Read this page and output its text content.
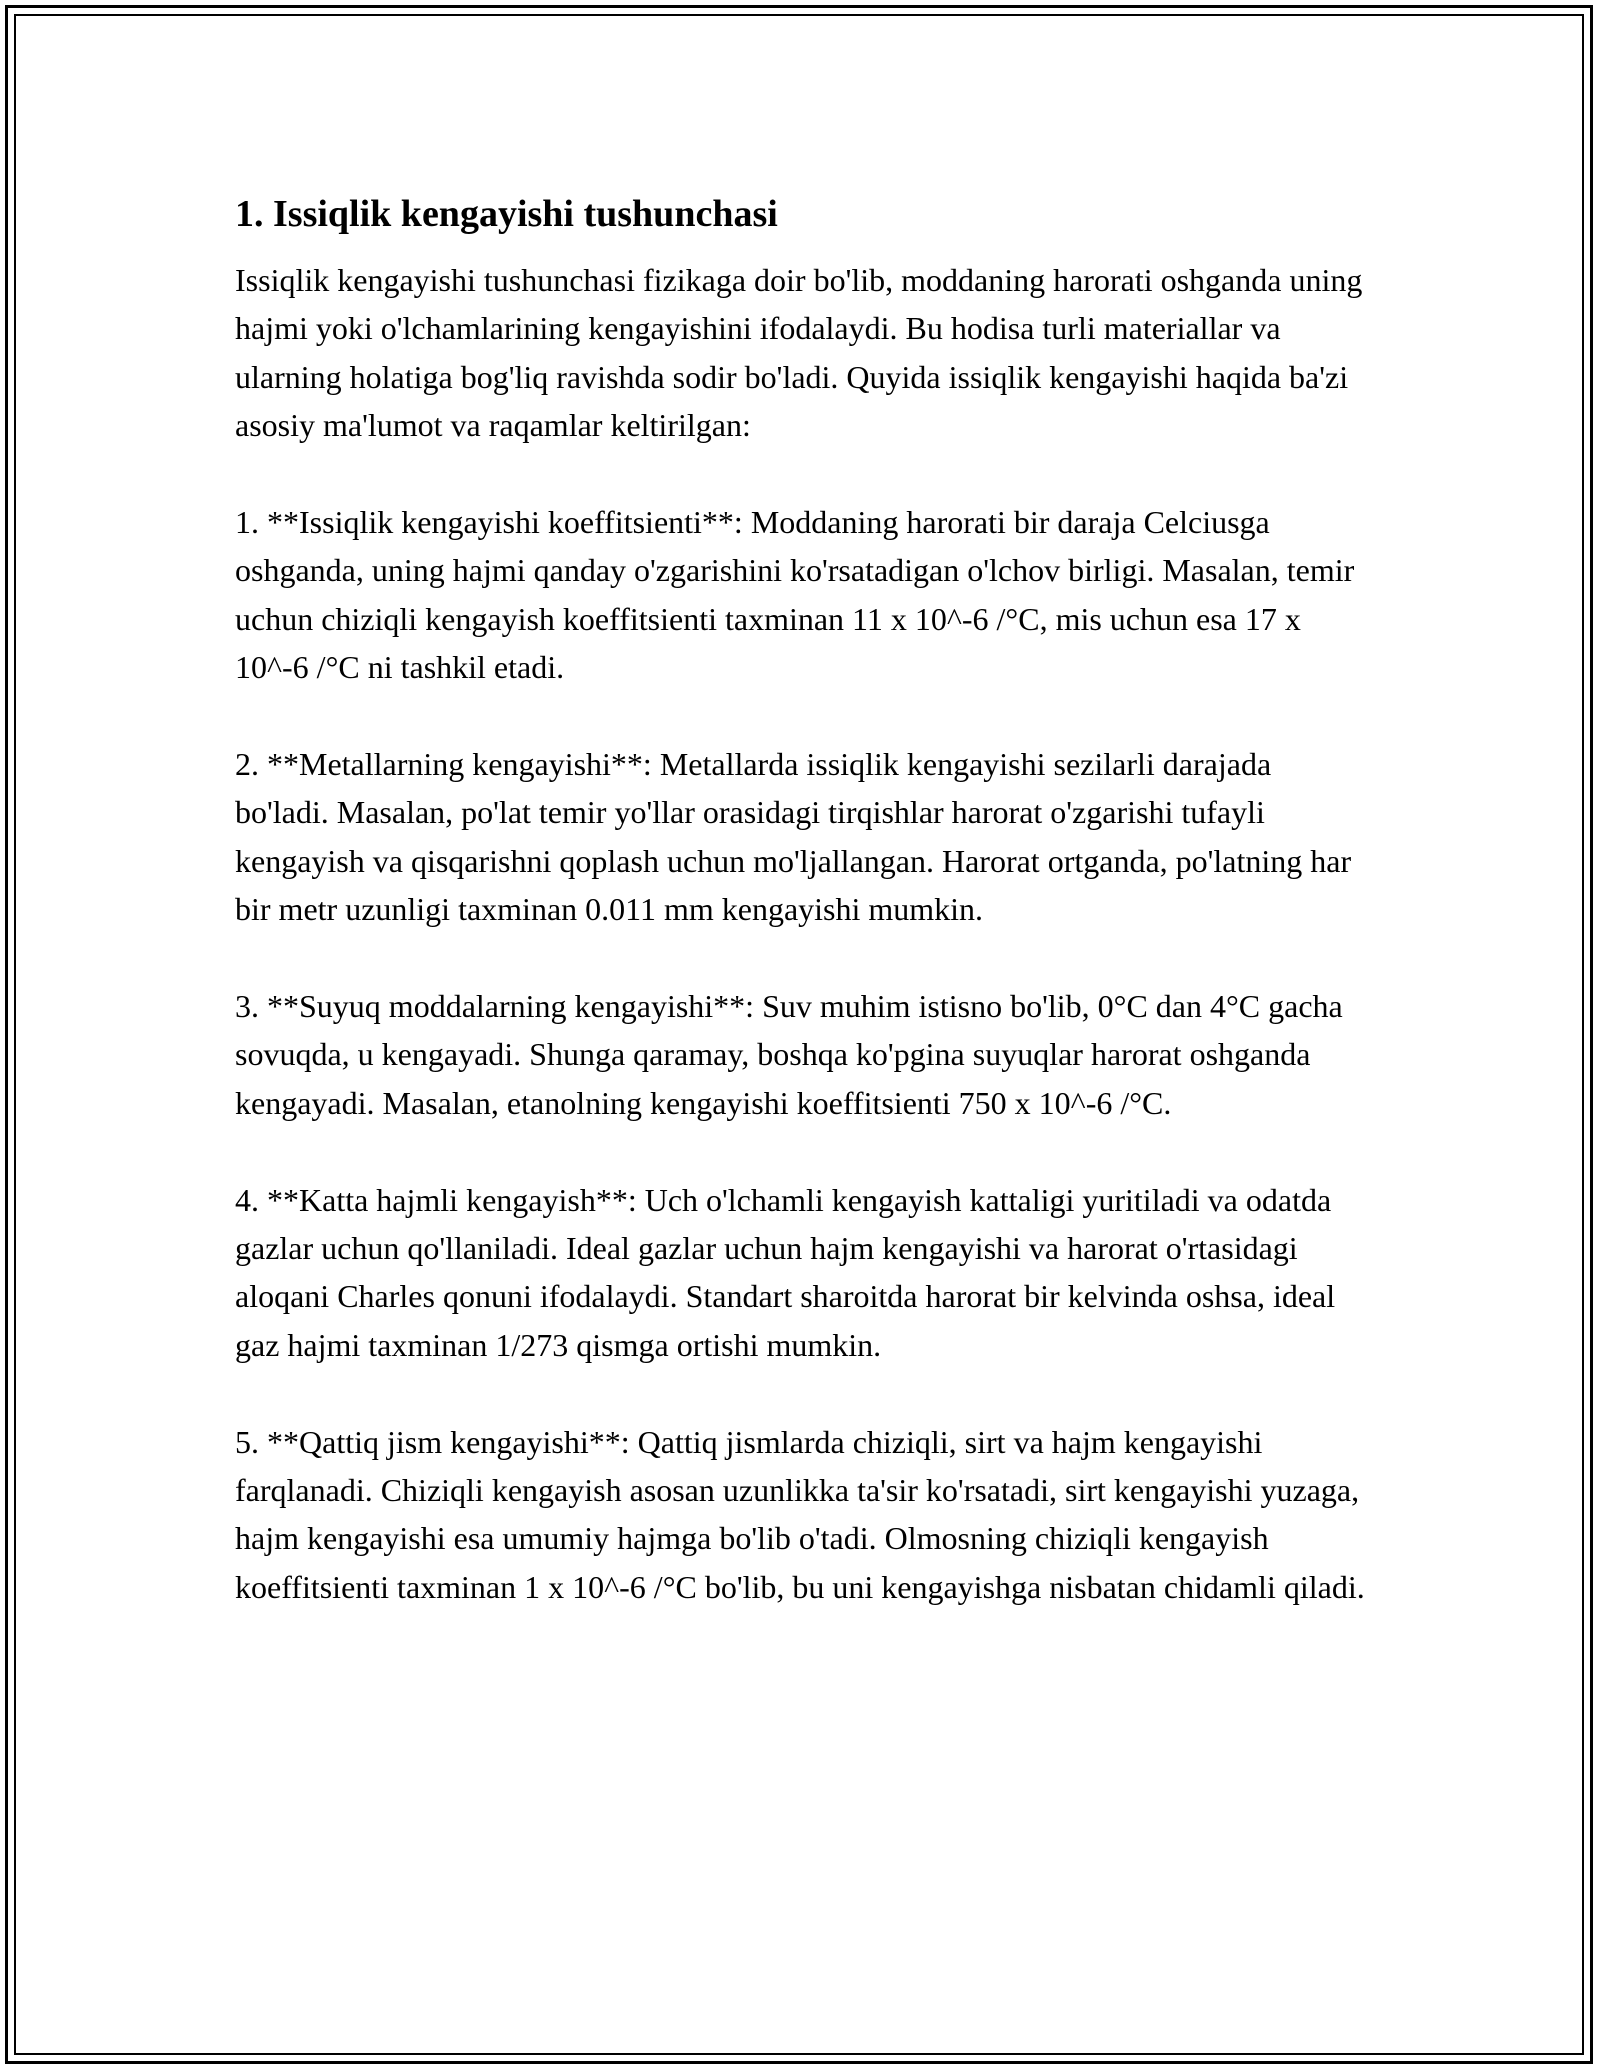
1. Issiqlik kengayishi tushunchasi

Issiqlik kengayishi tushunchasi fizikaga doir bo'lib, moddaning harorati oshganda uning hajmi yoki o'lchamlarining kengayishini ifodalaydi. Bu hodisa turli materiallar va ularning holatiga bog'liq ravishda sodir bo'ladi. Quyida issiqlik kengayishi haqida ba'zi asosiy ma'lumot va raqamlar keltirilgan:

1. **Issiqlik kengayishi koeffitsienti**: Moddaning harorati bir daraja Celciusga oshganda, uning hajmi qanday o'zgarishini ko'rsatadigan o'lchov birligi. Masalan, temir uchun chiziqli kengayish koeffitsienti taxminan 11 x 10^-6 /°C, mis uchun esa 17 x 10^-6 /°C ni tashkil etadi.

2. **Metallarning kengayishi**: Metallarda issiqlik kengayishi sezilarli darajada bo'ladi. Masalan, po'lat temir yo'llar orasidagi tirqishlar harorat o'zgarishi tufayli kengayish va qisqarishni qoplash uchun mo'ljallangan. Harorat ortganda, po'latning har bir metr uzunligi taxminan 0.011 mm kengayishi mumkin.

3. **Suyuq moddalarning kengayishi**: Suv muhim istisno bo'lib, 0°C dan 4°C gacha sovuqda, u kengayadi. Shunga qaramay, boshqa ko'pgina suyuqlar harorat oshganda kengayadi. Masalan, etanolning kengayishi koeffitsienti 750 x 10^-6 /°C.

4. **Katta hajmli kengayish**: Uch o'lchamli kengayish kattaligi yuritiladi va odatda gazlar uchun qo'llaniladi. Ideal gazlar uchun hajm kengayishi va harorat o'rtasidagi aloqani Charles qonuni ifodalaydi. Standart sharoitda harorat bir kelvinda oshsa, ideal gaz hajmi taxminan 1/273 qismga ortishi mumkin.

5. **Qattiq jism kengayishi**: Qattiq jismlarda chiziqli, sirt va hajm kengayishi farqlanadi. Chiziqli kengayish asosan uzunlikka ta'sir ko'rsatadi, sirt kengayishi yuzaga, hajm kengayishi esa umumiy hajmga bo'lib o'tadi. Olmosning chiziqli kengayish koeffitsienti taxminan 1 x 10^-6 /°C bo'lib, bu uni kengayishga nisbatan chidamli qiladi.
